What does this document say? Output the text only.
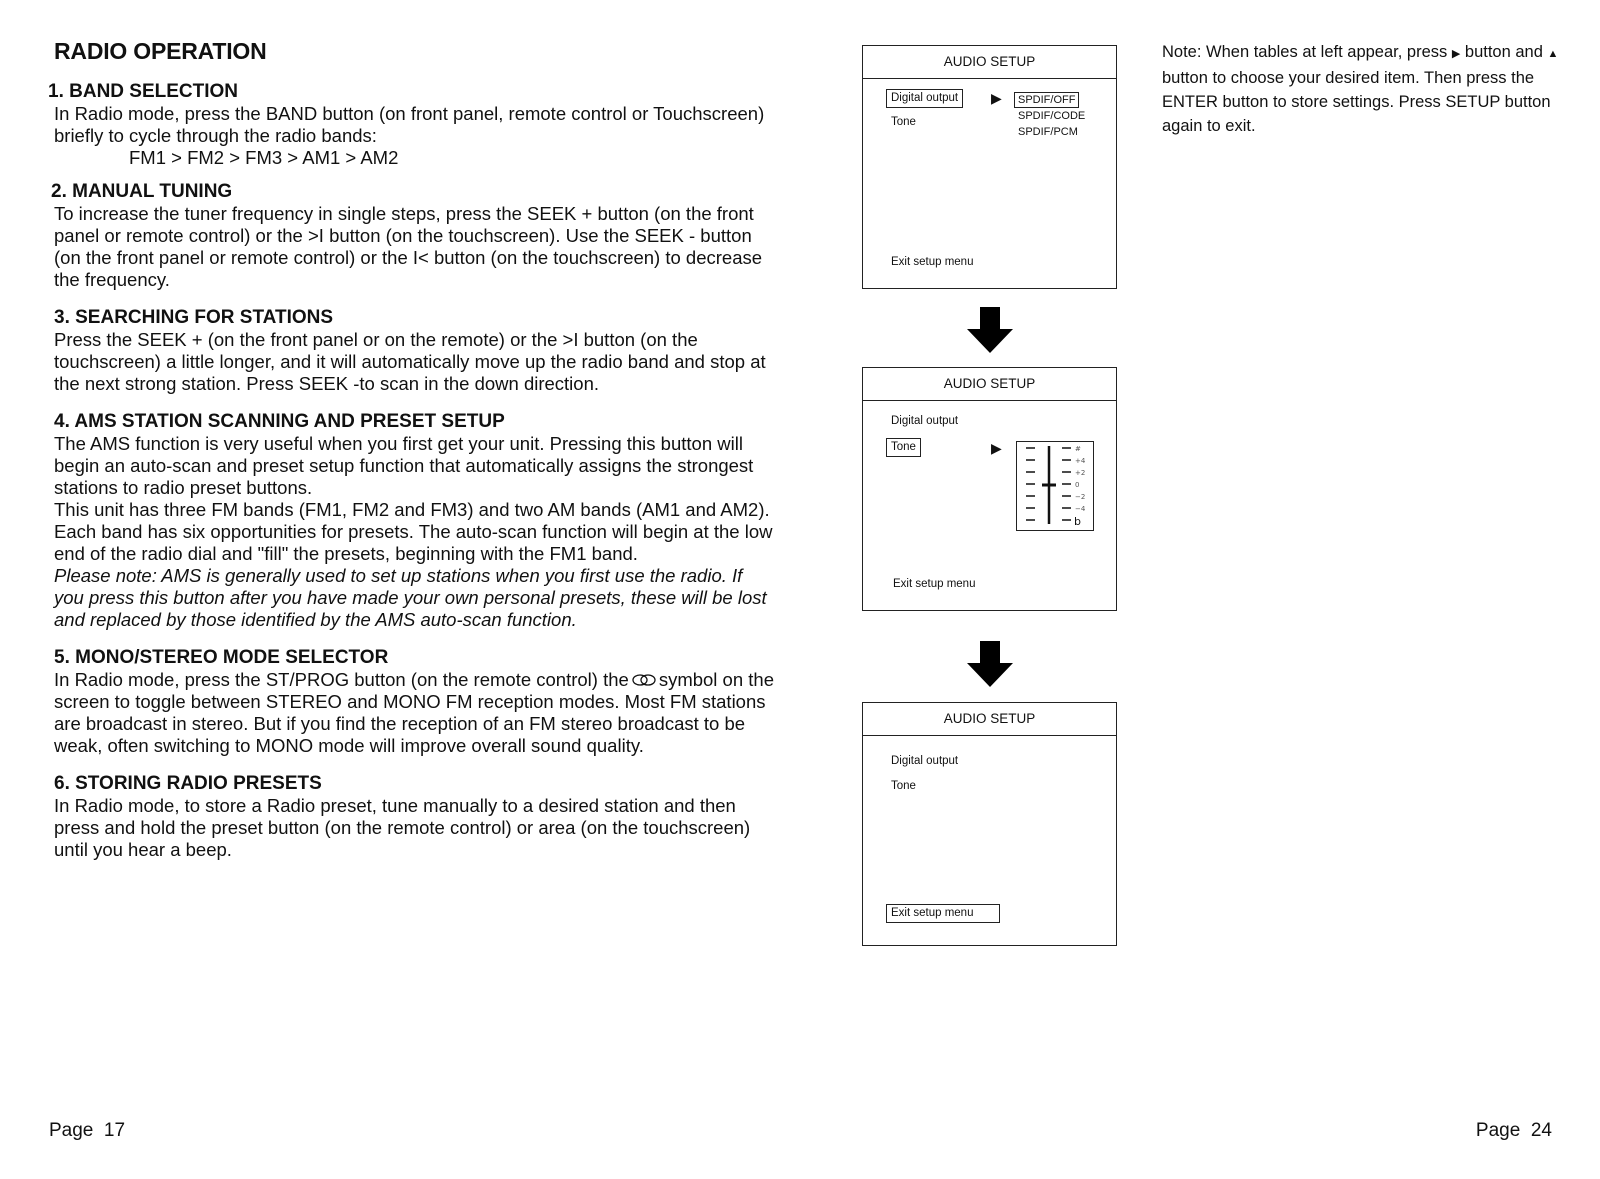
RADIO OPERATION
1. BAND SELECTION

In Radio mode, press the BAND button (on front panel, remote control or Touchscreen) briefly to cycle through the radio bands:

FM1 > FM2 > FM3 > AM1 > AM2

2. MANUAL TUNING

To increase the tuner frequency in single steps, press the SEEK + button (on the front panel or remote control) or the >I button (on the touchscreen). Use the SEEK - button (on the front panel or remote control) or the I< button (on the touchscreen) to decrease the frequency.

3. SEARCHING FOR STATIONS

Press the SEEK + (on the front panel or on the remote) or the >I button (on the touchscreen) a little longer, and it will automatically move up the radio band and stop at the next strong station. Press SEEK -to scan in the down direction.

4. AMS STATION SCANNING AND PRESET SETUP

The AMS function is very useful when you first get your unit. Pressing this button will begin an auto-scan and preset setup function that automatically assigns the strongest stations to radio preset buttons.

This unit has three FM bands (FM1, FM2 and FM3) and two AM bands (AM1 and AM2). Each band has six opportunities for presets. The auto-scan function will begin at the low end of the radio dial and "fill" the presets, beginning with the FM1 band.

Please note: AMS is generally used to set up stations when you first use the radio. If you press this button after you have made your own personal presets, these will be lost and replaced by those identified by the AMS auto-scan function.

5. MONO/STEREO MODE SELECTOR

In Radio mode, press the ST/PROG button (on the remote control) the symbol on the screen to toggle between STEREO and MONO FM reception modes. Most FM stations are broadcast in stereo. But if you find the reception of an FM stereo broadcast to be weak, often switching to MONO mode will improve overall sound quality.

6. STORING RADIO PRESETS

In Radio mode, to store a Radio preset, tune manually to a desired station and then press and hold the preset button (on the remote control) or area (on the touchscreen) until you hear a beep.

AUDIO SETUP
Digital output
Tone
▶	SPDIF/OFF
SPDIF/CODE
SPDIF/PCM
Exit setup menu
AUDIO SETUP
Digital output
Tone	▶	#
+4
+2
0
−2
−4
b
Exit setup menu
AUDIO SETUP
Digital output
Tone
Exit setup menu
Note: When tables at left appear, press ▶ button and ▲ button to choose your desired item. Then press the ENTER button to store settings. Press SETUP button again to exit.
Page  17	Page  24
